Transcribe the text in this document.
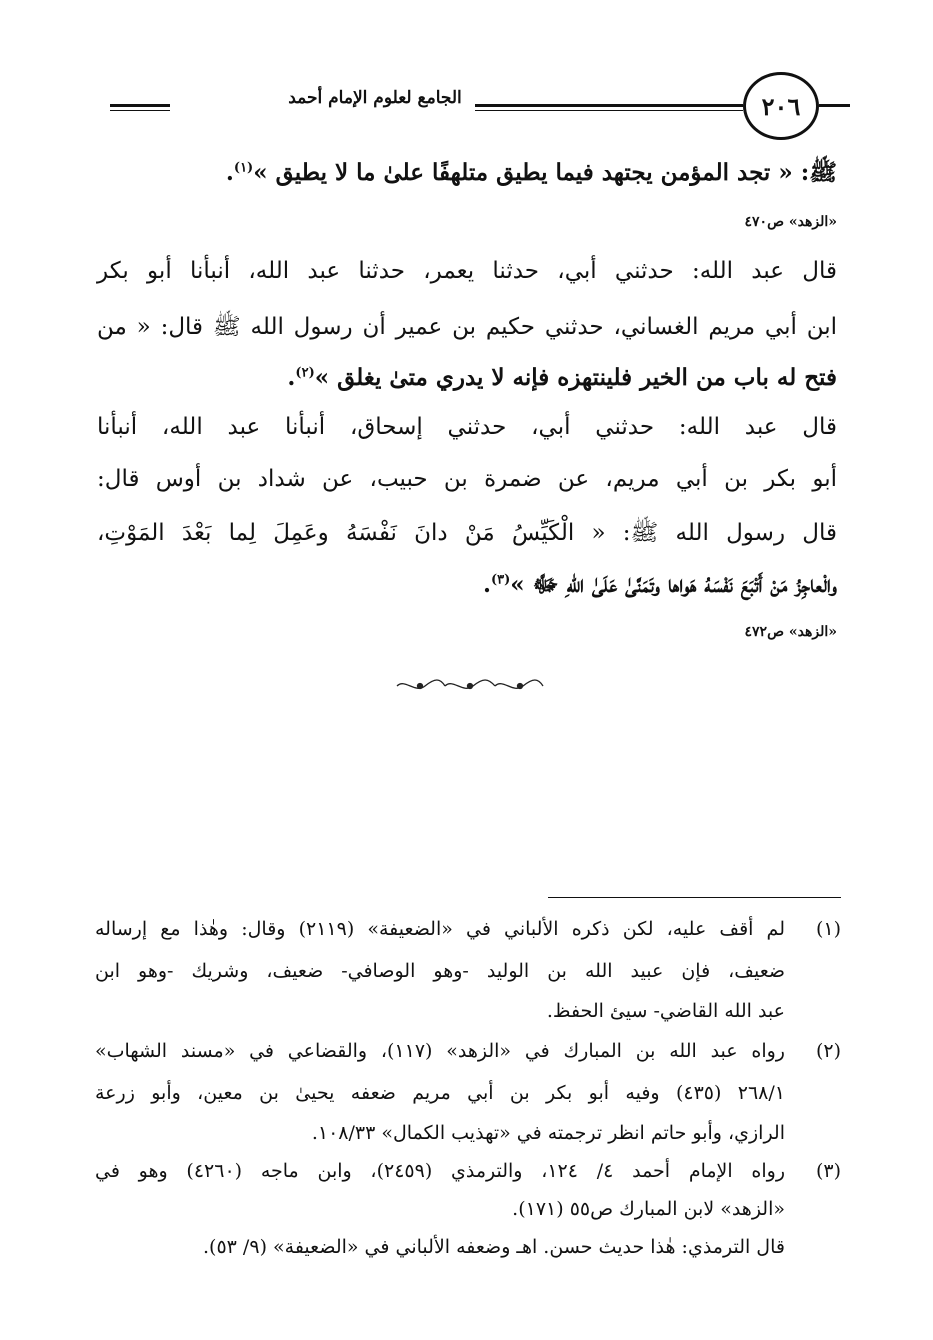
الجامع لعلوم الإمام أحمد	٢٠٦
ﷺ: « تجد المؤمن يجتهد فيما يطيق متلهفًا علىٰ ما لا يطيق »$^{(١)}$.
«الزهد» ص٤٧٠
قال عبد الله: حدثني أبي، حدثنا يعمر، حدثنا عبد الله، أنبأنا أبو بكر
ابن أبي مريم الغساني، حدثني حكيم بن عمير أن رسول الله ﷺ قال: « من
فتح له باب من الخير فلينتهزه فإنه لا يدري متىٰ يغلق »$^{(٢)}$.
قال عبد الله: حدثني أبي، حدثني إسحاق، أنبأنا عبد الله، أنبأنا
أبو بكر بن أبي مريم، عن ضمرة بن حبيب، عن شداد بن أوس قال:
قال رسول الله ﷺ: « الْكَيِّسُ مَنْ دانَ نَفْسَهُ وعَمِلَ لِما بَعْدَ المَوْتِ،
والْعاجِزُ مَنْ أَتْبَعَ نَفْسَهُ هَواها وتَمَنَّىٰ عَلَىٰ اللهِ ﷻ »$^{(٣)}$.
«الزهد» ص٤٧٢
(١)
لم أقف عليه، لكن ذكره الألباني في «الضعيفة» (٢١١٩) وقال: وهٰذا مع إرساله
ضعيف، فإن عبيد الله بن الوليد -وهو الوصافي- ضعيف، وشريك -وهو ابن
عبد الله القاضي- سيئ الحفظ.
(٢)
رواه عبد الله بن المبارك في «الزهد» (١١٧)، والقضاعي في «مسند الشهاب»
٢٦٨/١ (٤٣٥) وفيه أبو بكر بن أبي مريم ضعفه يحيىٰ بن معين، وأبو زرعة
الرازي، وأبو حاتم انظر ترجمته في «تهذيب الكمال» ١٠٨/٣٣.
(٣)
رواه الإمام أحمد ٤/ ١٢٤، والترمذي (٢٤٥٩)، وابن ماجه (٤٢٦٠) وهو في
«الزهد» لابن المبارك ص٥٥ (١٧١).
قال الترمذي: هٰذا حديث حسن. اهـ وضعفه الألباني في «الضعيفة» (٩/ ٥٣).
